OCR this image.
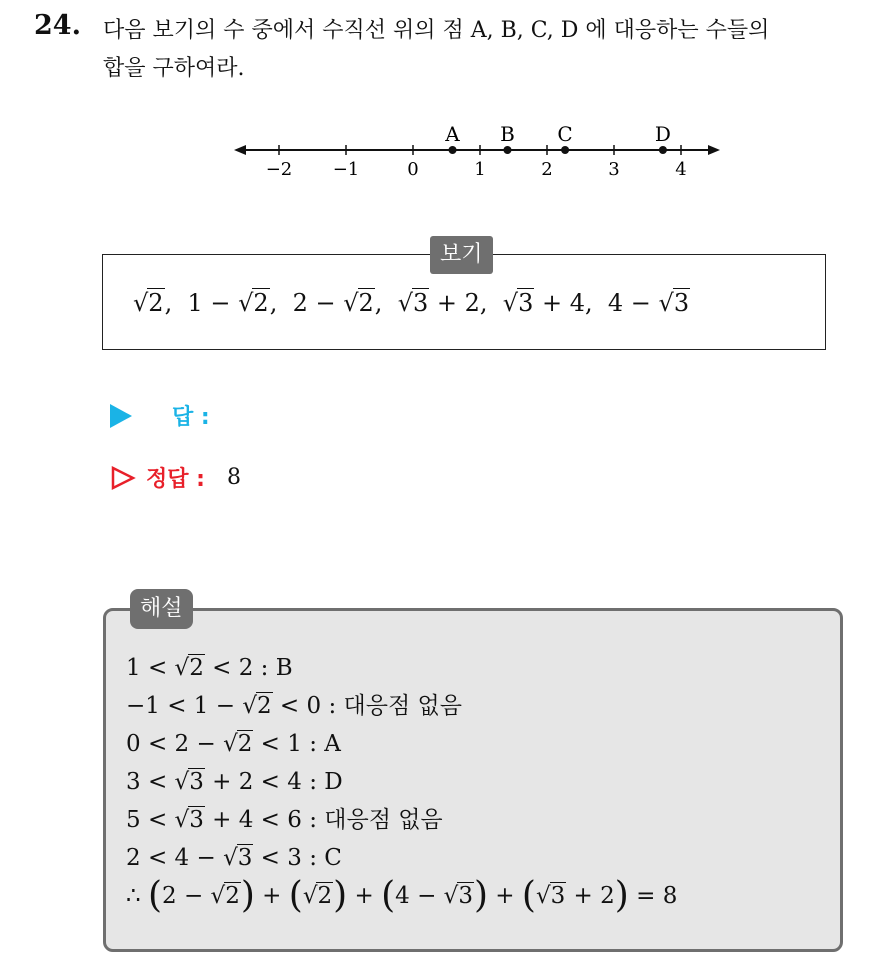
24. 다음 보기의 수 중에서 수직선 위의 점 A, B, C, D 에 대응하는 수들의
합을 구하여라.
−2 −1	0	1	2	3	4
A B C	D
√2,  1 − √2,  2 − √2,  √3 + 2,  √3 + 4,  4 − √3
보기
답 :
정답 : 8
1 < √2 < 2 : B
−1 < 1 − √2 < 0 : 대응점 없음
0 < 2 − √2 < 1 : A
3 < √3 + 2 < 4 : D
5 < √3 + 4 < 6 : 대응점 없음
2 < 4 − √3 < 3 : C
∴ (2 − √2) + (√2) + (4 − √3) + (√3 + 2) = 8
해설
